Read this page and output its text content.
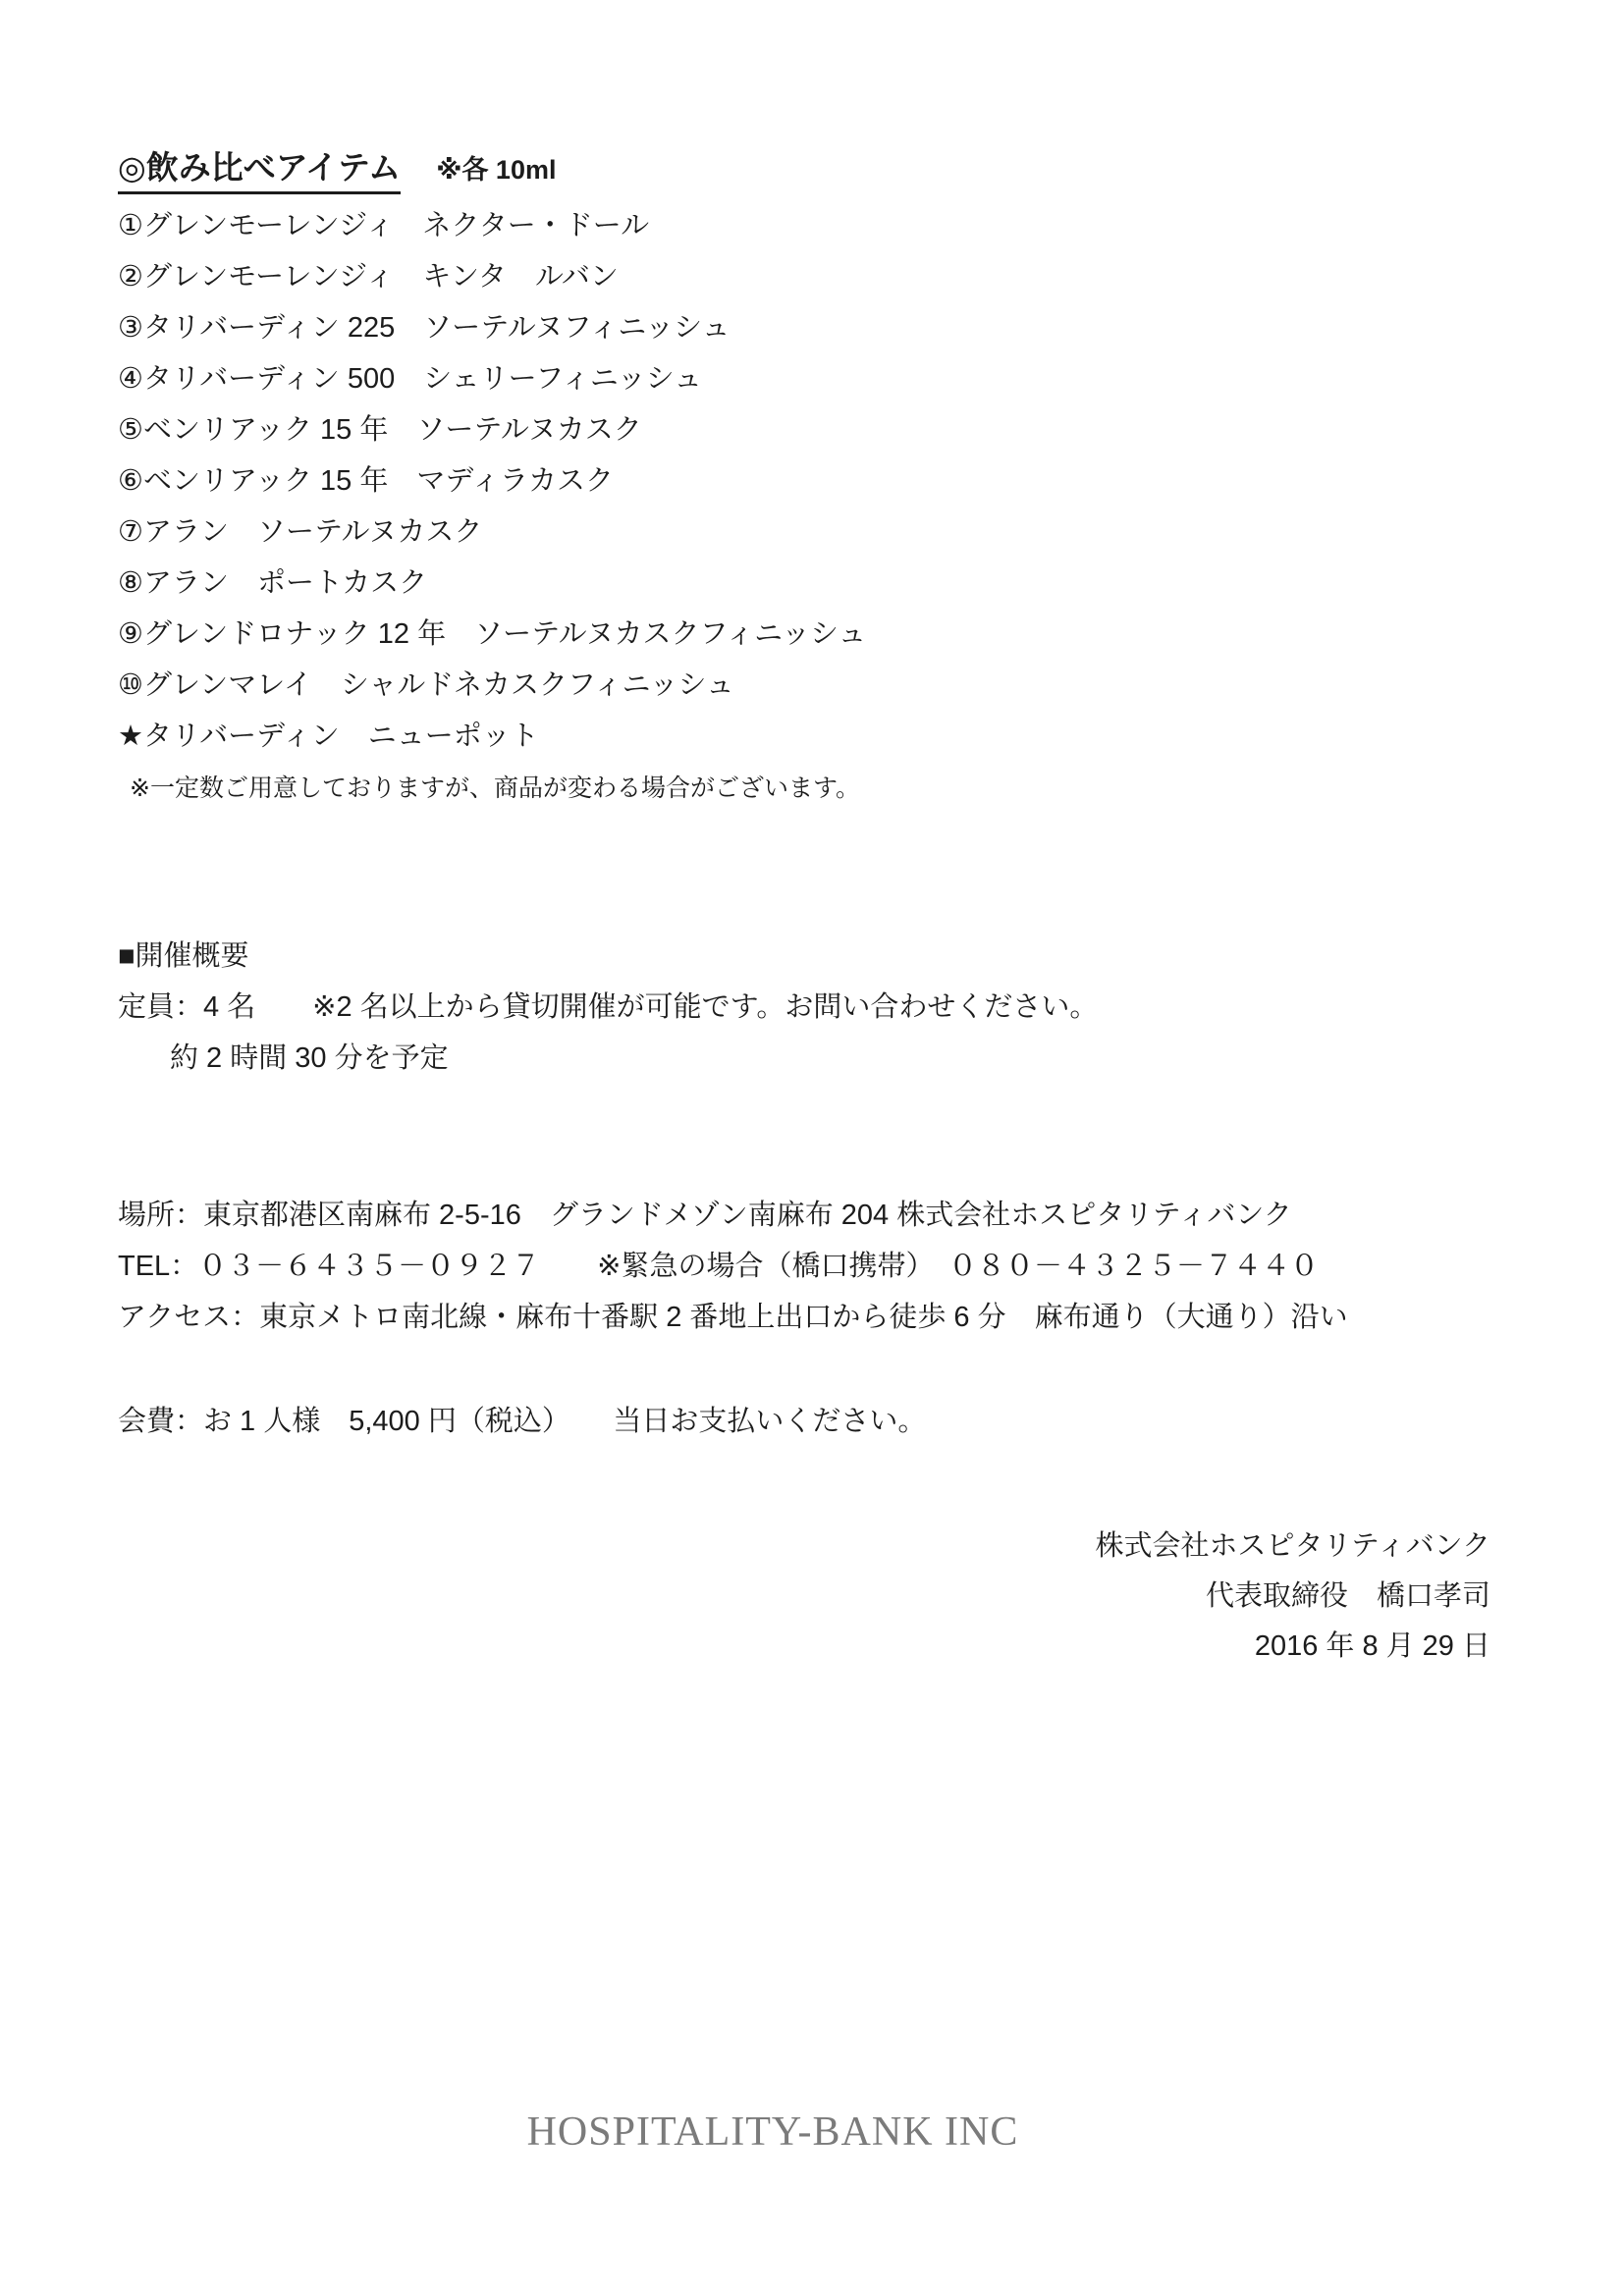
◎飲み比べアイテム ※各 10ml
①グレンモーレンジィ　ネクター・ドール
②グレンモーレンジィ　キンタ　ルバン
③タリバーディン 225　ソーテルヌフィニッシュ
④タリバーディン 500　シェリーフィニッシュ
⑤ベンリアック 15 年　ソーテルヌカスク
⑥ベンリアック 15 年　マディラカスク
⑦アラン　ソーテルヌカスク
⑧アラン　ポートカスク
⑨グレンドロナック 12 年　ソーテルヌカスクフィニッシュ
⑩グレンマレイ　シャルドネカスクフィニッシュ
★タリバーディン　ニューポット

※一定数ご用意しておりますが、商品が変わる場合がございます。

■開催概要

定員：4 名　　※2 名以上から貸切開催が可能です。お問い合わせください。

約 2 時間 30 分を予定

場所：東京都港区南麻布 2-5-16　グランドメゾン南麻布 204 株式会社ホスピタリティバンク

TEL：０３－６４３５－０９２７　　※緊急の場合（橋口携帯）　０８０－４３２５－７４４０

アクセス：東京メトロ南北線・麻布十番駅 2 番地上出口から徒歩 6 分　麻布通り（大通り）沿い

会費：お 1 人様　5,400 円（税込）　　当日お支払いください。

株式会社ホスピタリティバンク

代表取締役　橋口孝司

2016 年 8 月 29 日

HOSPITALITY-BANK INC
